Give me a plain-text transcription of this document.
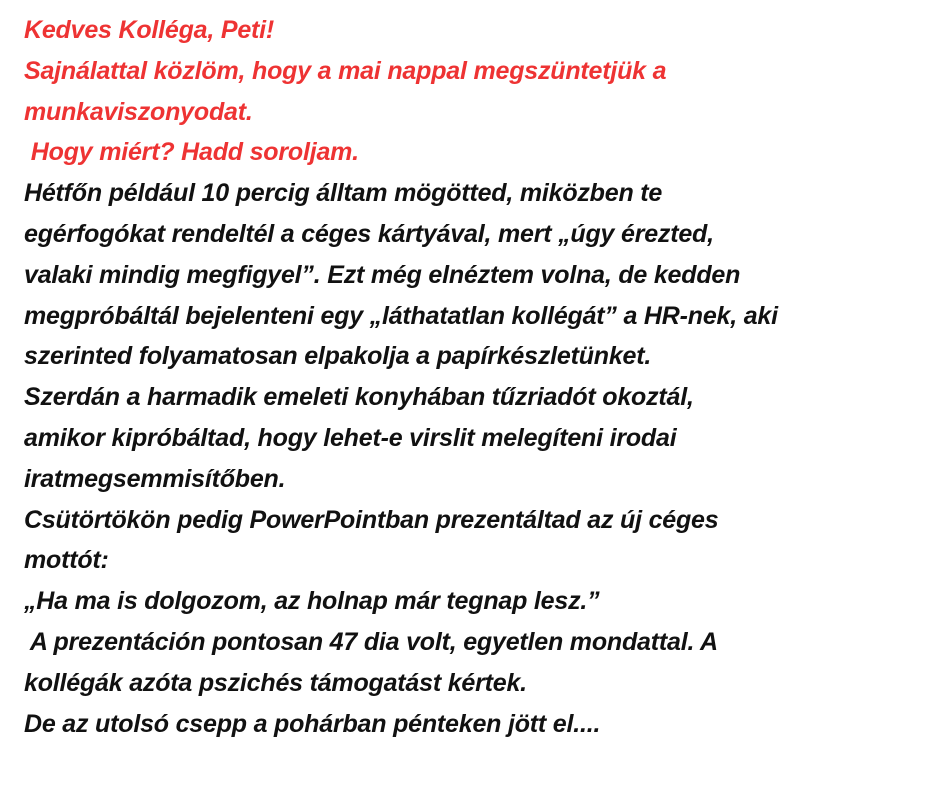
Kedves Kolléga, Peti!
Sajnálattal közlöm, hogy a mai nappal megszüntetjük a
munkaviszonyodat.
Hogy miért? Hadd soroljam.
Hétfőn például 10 percig álltam mögötted, miközben te
egérfogókat rendeltél a céges kártyával, mert „úgy érezted,
valaki mindig megfigyel”. Ezt még elnéztem volna, de kedden
megpróbáltál bejelenteni egy „láthatatlan kollégát” a HR-nek, aki
szerinted folyamatosan elpakolja a papírkészletünket.
Szerdán a harmadik emeleti konyhában tűzriadót okoztál,
amikor kipróbáltad, hogy lehet-e virslit melegíteni irodai
iratmegsemmisítőben.
Csütörtökön pedig PowerPointban prezentáltad az új céges
mottót:
„Ha ma is dolgozom, az holnap már tegnap lesz.”
A prezentáción pontosan 47 dia volt, egyetlen mondattal. A
kollégák azóta pszichés támogatást kértek.
De az utolsó csepp a pohárban pénteken jött el....
